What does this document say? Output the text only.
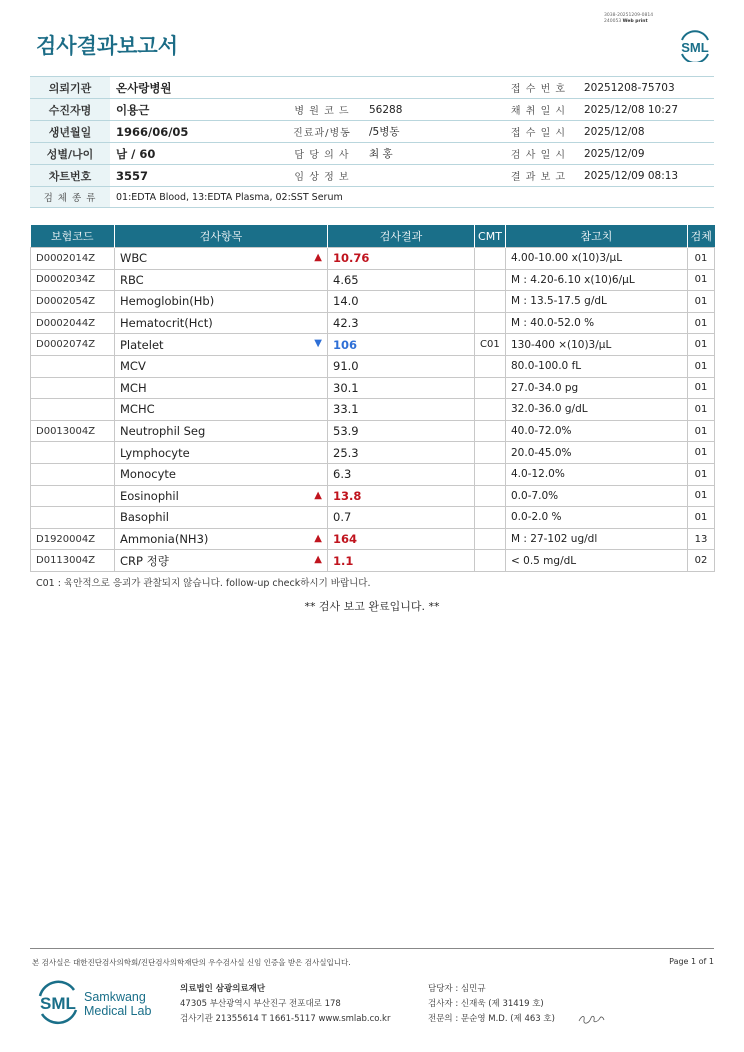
3038-20251209-0814
240053 Web print
검사결과보고서	SML
의뢰기관	온사랑병원			접 수 번 호	20251208-75703
수진자명	이용근	병 원 코 드	56288	채 취 일 시	2025/12/08 10:27
생년월일	1966/06/05	진료과/병동	/5병동	접 수 일 시	2025/12/08
성별/나이	남 / 60	담 당 의 사	최 홍	검 사 일 시	2025/12/09
차트번호	3557	임 상 정 보		결 과 보 고	2025/12/09 08:13
검 체 종 류	01:EDTA Blood, 13:EDTA Plasma, 02:SST Serum				
보험코드	검사항목	검사결과	CMT	참고치	검체
D0002014Z	WBC ▲	10.76		4.00-10.00 x(10)3/μL	01
D0002034Z	RBC	4.65		M : 4.20-6.10 x(10)6/μL	01
D0002054Z	Hemoglobin(Hb)	14.0		M : 13.5-17.5 g/dL	01
D0002044Z	Hematocrit(Hct)	42.3		M : 40.0-52.0 %	01
D0002074Z	Platelet ▼	106	C01	130-400 ×(10)3/μL	01
	MCV	91.0		80.0-100.0 fL	01
	MCH	30.1		27.0-34.0 pg	01
	MCHC	33.1		32.0-36.0 g/dL	01
D0013004Z	Neutrophil Seg	53.9		40.0-72.0%	01
	Lymphocyte	25.3		20.0-45.0%	01
	Monocyte	6.3		4.0-12.0%	01
	Eosinophil ▲	13.8		0.0-7.0%	01
	Basophil	0.7		0.0-2.0 %	01
D1920004Z	Ammonia(NH3) ▲	164		M : 27-102 ug/dl	13
D0113004Z	CRP 정량 ▲	1.1		< 0.5 mg/dL	02
C01 : 육안적으로 응괴가 관찰되지 않습니다. follow-up check하시기 바랍니다.
** 검사 보고 완료입니다. **
본 검사실은 대한진단검사의학회/진단검사의학재단의 우수검사실 신임 인증을 받은 검사실입니다.	Page 1 of 1
SML Samkwang
Medical Lab
의료법인 삼광의료재단
47305 부산광역시 부산진구 전포대로 178
검사기관 21355614 T 1661-5117 www.smlab.co.kr
담당자 : 심민규
검사자 : 신재욱 (제 31419 호)
전문의 : 문순영 M.D. (제 463 호)
